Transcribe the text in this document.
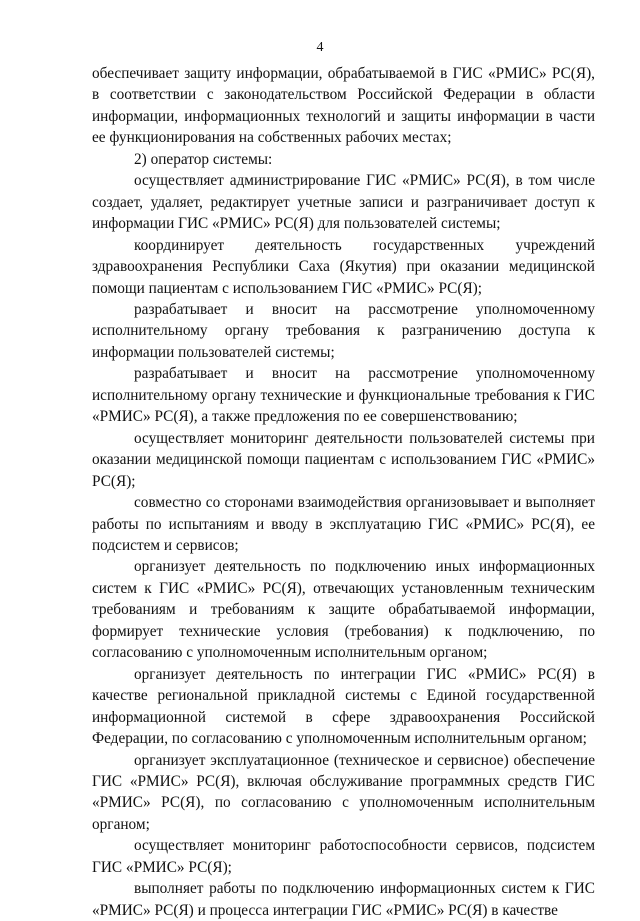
4

обеспечивает защиту информации, обрабатываемой в ГИС «РМИС» РС(Я), в соответствии с законодательством Российской Федерации в области информации, информационных технологий и защиты информации в части ее функционирования на собственных рабочих местах;

2) оператор системы:

осуществляет администрирование ГИС «РМИС» РС(Я), в том числе создает, удаляет, редактирует учетные записи и разграничивает доступ к информации ГИС «РМИС» РС(Я) для пользователей системы;

координирует деятельность государственных учреждений здравоохранения Республики Саха (Якутия) при оказании медицинской помощи пациентам с использованием ГИС «РМИС» РС(Я);

разрабатывает и вносит на рассмотрение уполномоченному исполнительному органу требования к разграничению доступа к информации пользователей системы;

разрабатывает и вносит на рассмотрение уполномоченному исполнительному органу технические и функциональные требования к ГИС «РМИС» РС(Я), а также предложения по ее совершенствованию;

осуществляет мониторинг деятельности пользователей системы при оказании медицинской помощи пациентам с использованием ГИС «РМИС» РС(Я);

совместно со сторонами взаимодействия организовывает и выполняет работы по испытаниям и вводу в эксплуатацию ГИС «РМИС» РС(Я), ее подсистем и сервисов;

организует деятельность по подключению иных информационных систем к ГИС «РМИС» РС(Я), отвечающих установленным техническим требованиям и требованиям к защите обрабатываемой информации, формирует технические условия (требования) к подключению, по согласованию с уполномоченным исполнительным органом;

организует деятельность по интеграции ГИС «РМИС» РС(Я) в качестве региональной прикладной системы с Единой государственной информационной системой в сфере здравоохранения Российской Федерации, по согласованию с уполномоченным исполнительным органом;

организует эксплуатационное (техническое и сервисное) обеспечение ГИС «РМИС» РС(Я), включая обслуживание программных средств ГИС «РМИС» РС(Я), по согласованию с уполномоченным исполнительным органом;

осуществляет мониторинг работоспособности сервисов, подсистем ГИС «РМИС» РС(Я);

выполняет работы по подключению информационных систем к ГИС «РМИС» РС(Я) и процесса интеграции ГИС «РМИС» РС(Я) в качестве
